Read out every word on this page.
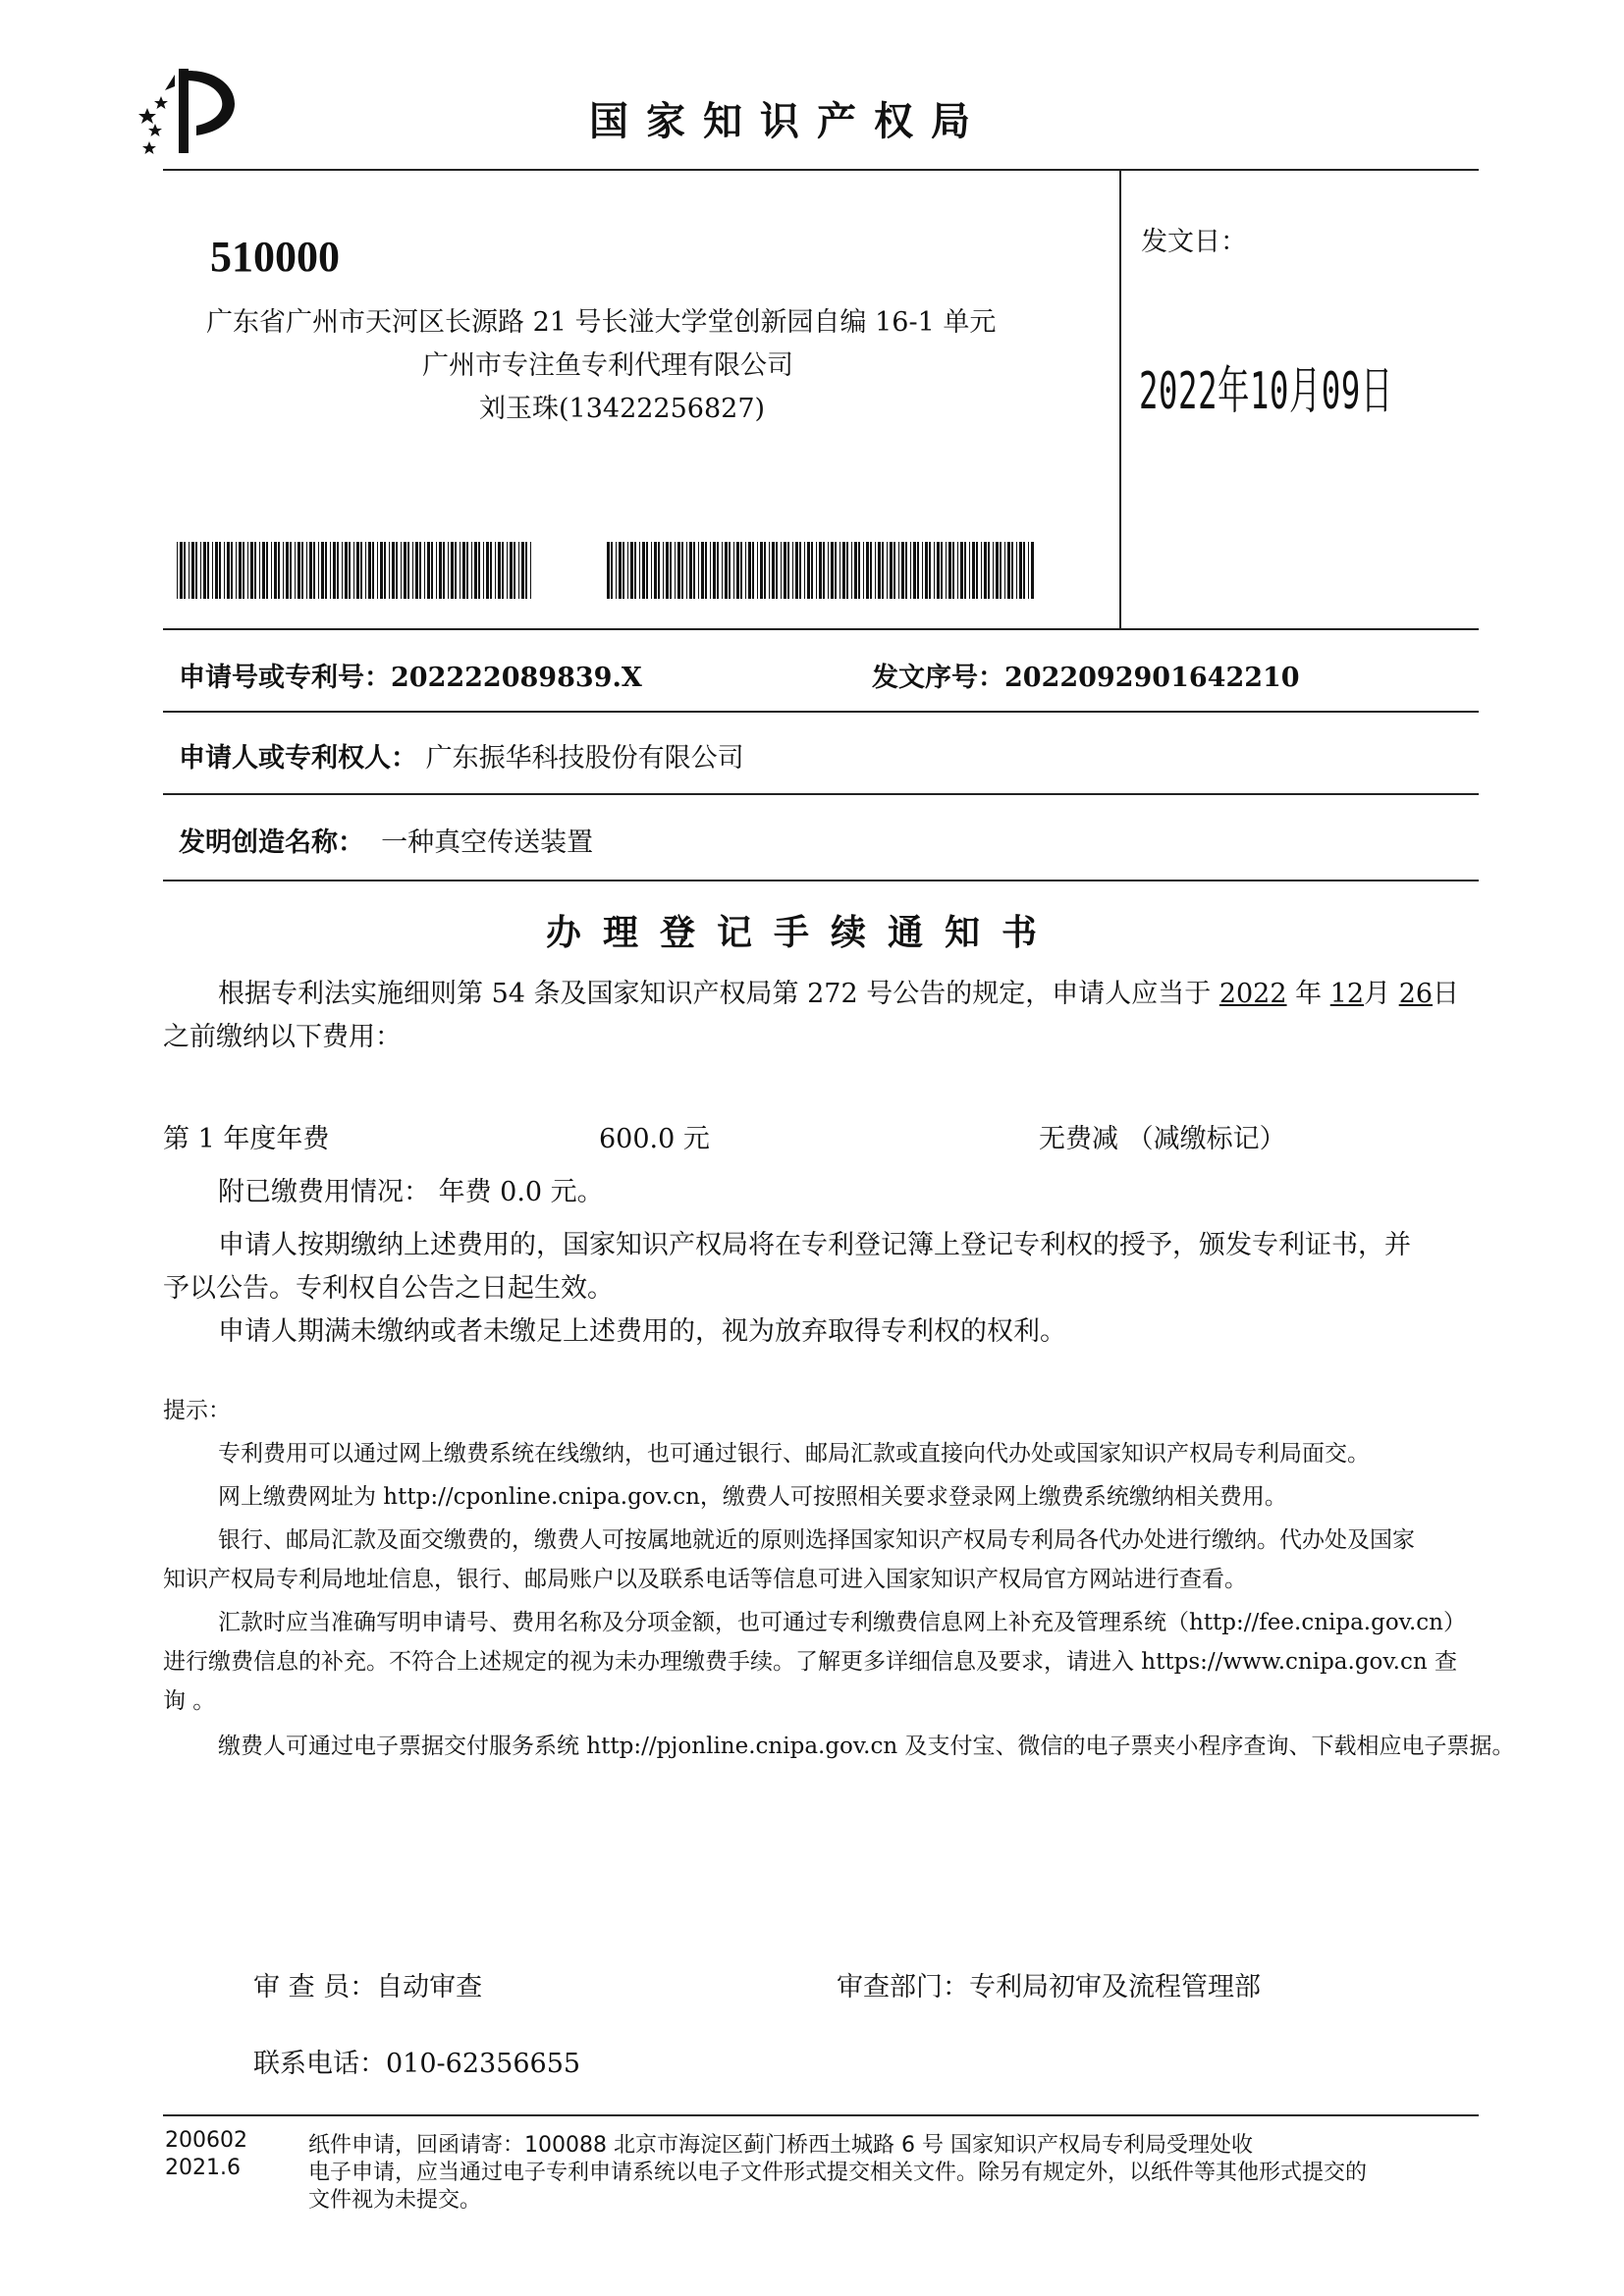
国家知识产权局
510000
广东省广州市天河区长源路 21 号长湴大学堂创新园自编 16-1 单元
广州市专注鱼专利代理有限公司
刘玉珠(13422256827)
发文日：
2022年10月09日
申请号或专利号：202222089839.X	发文序号：2022092901642210
申请人或专利权人： 广东振华科技股份有限公司
发明创造名称： 一种真空传送装置
办理登记手续通知书
根据专利法实施细则第 54 条及国家知识产权局第 272 号公告的规定，申请人应当于 2022 年 12月 26日
之前缴纳以下费用：
第 1 年度年费	600.0 元	无费减 （减缴标记）
附已缴费用情况： 年费 0.0 元。
申请人按期缴纳上述费用的，国家知识产权局将在专利登记簿上登记专利权的授予，颁发专利证书，并
予以公告。专利权自公告之日起生效。
申请人期满未缴纳或者未缴足上述费用的，视为放弃取得专利权的权利。
提示：
专利费用可以通过网上缴费系统在线缴纳，也可通过银行、邮局汇款或直接向代办处或国家知识产权局专利局面交。
网上缴费网址为 http://cponline.cnipa.gov.cn，缴费人可按照相关要求登录网上缴费系统缴纳相关费用。
银行、邮局汇款及面交缴费的，缴费人可按属地就近的原则选择国家知识产权局专利局各代办处进行缴纳。代办处及国家
知识产权局专利局地址信息，银行、邮局账户以及联系电话等信息可进入国家知识产权局官方网站进行查看。
汇款时应当准确写明申请号、费用名称及分项金额，也可通过专利缴费信息网上补充及管理系统（http://fee.cnipa.gov.cn）
进行缴费信息的补充。不符合上述规定的视为未办理缴费手续。了解更多详细信息及要求，请进入 https://www.cnipa.gov.cn 查
询 。
缴费人可通过电子票据交付服务系统 http://pjonline.cnipa.gov.cn 及支付宝、微信的电子票夹小程序查询、下载相应电子票据。
审 查 员：自动审查	审查部门：专利局初审及流程管理部
联系电话：010-62356655
200602
2021.6
纸件申请，回函请寄：100088 北京市海淀区蓟门桥西土城路 6 号 国家知识产权局专利局受理处收
电子申请，应当通过电子专利申请系统以电子文件形式提交相关文件。除另有规定外，以纸件等其他形式提交的
文件视为未提交。
